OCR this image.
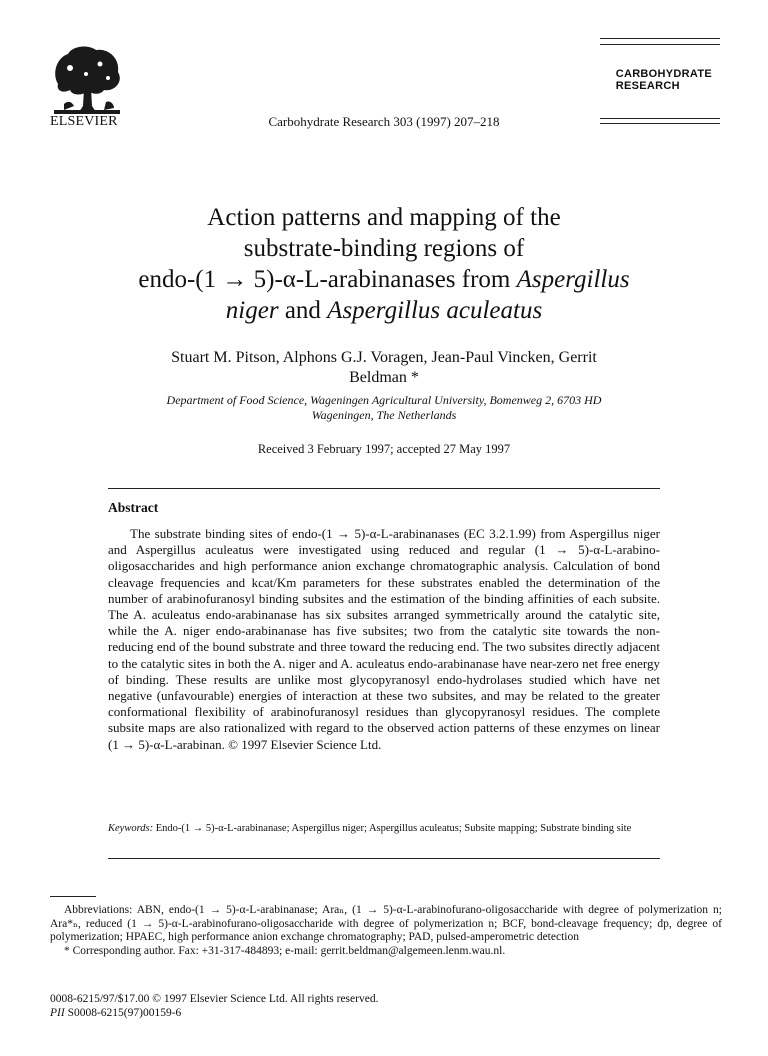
ELSEVIER	Carbohydrate Research 303 (1997) 207–218
CARBOHYDRATE
RESEARCH
Action patterns and mapping of the
substrate-binding regions of
endo-(1 → 5)-α-L-arabinanases from Aspergillus
niger and Aspergillus aculeatus
Stuart M. Pitson, Alphons G.J. Voragen, Jean-Paul Vincken, Gerrit
Beldman *
Department of Food Science, Wageningen Agricultural University, Bomenweg 2, 6703 HD
Wageningen, The Netherlands
Received 3 February 1997; accepted 27 May 1997
Abstract
The substrate binding sites of endo-(1 → 5)-α-L-arabinanases (EC 3.2.1.99) from Aspergillus niger and Aspergillus aculeatus were investigated using reduced and regular (1 → 5)-α-L-arabino-oligosaccharides and high performance anion exchange chromatographic analysis. Calculation of bond cleavage frequencies and kcat/Km parameters for these substrates enabled the determination of the number of arabinofuranosyl binding subsites and the estimation of the binding affinities of each subsite. The A. aculeatus endo-arabinanase has six subsites arranged symmetrically around the catalytic site, while the A. niger endo-arabinanase has five subsites; two from the catalytic site towards the non-reducing end of the bound substrate and three toward the reducing end. The two subsites directly adjacent to the catalytic sites in both the A. niger and A. aculeatus endo-arabinanase have near-zero net free energy of binding. These results are unlike most glycopyranosyl endo-hydrolases studied which have net negative (unfavourable) energies of interaction at these two subsites, and may be related to the greater conformational flexibility of arabinofuranosyl residues than glycopyranosyl residues. The complete subsite maps are also rationalized with regard to the observed action patterns of these enzymes on linear (1 → 5)-α-L-arabinan. © 1997 Elsevier Science Ltd.
Keywords: Endo-(1 → 5)-α-L-arabinanase; Aspergillus niger; Aspergillus aculeatus; Subsite mapping; Substrate binding site

Abbreviations: ABN, endo-(1 → 5)-α-L-arabinanase; Araₙ, (1 → 5)-α-L-arabinofurano-oligosaccharide with degree of polymerization n; Ara*ₙ, reduced (1 → 5)-α-L-arabinofurano-oligosaccharide with degree of polymerization n; BCF, bond-cleavage frequency; dp, degree of polymerization; HPAEC, high performance anion exchange chromatography; PAD, pulsed-amperometric detection

* Corresponding author. Fax: +31-317-484893; e-mail: gerrit.beldman@algemeen.lenm.wau.nl.

0008-6215/97/$17.00 © 1997 Elsevier Science Ltd. All rights reserved.
PII S0008-6215(97)00159-6
